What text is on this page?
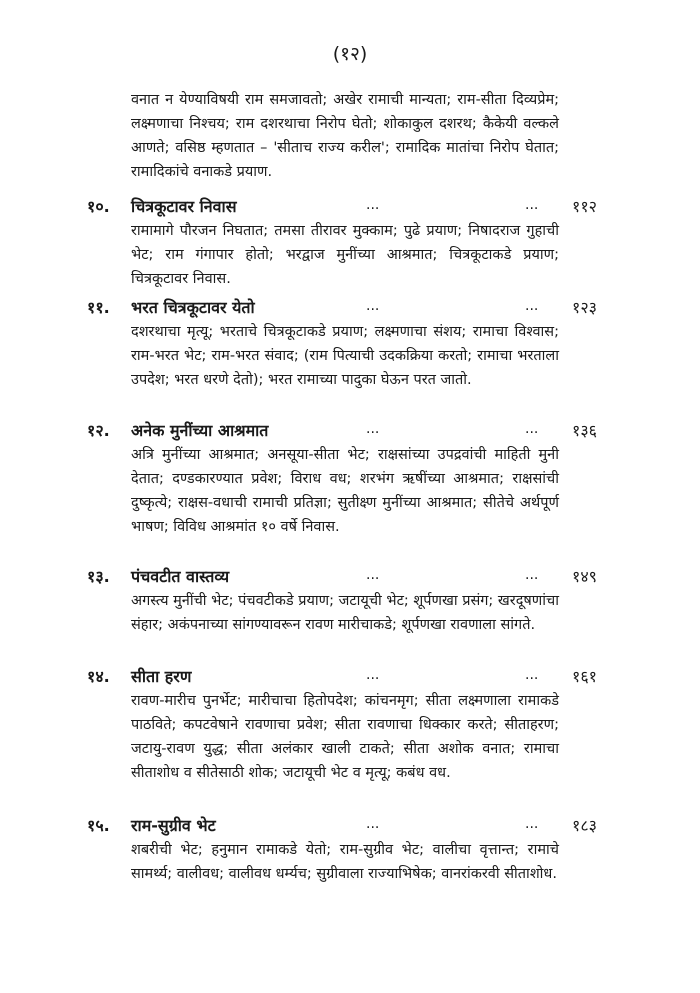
(१२)
वनात न येण्याविषयी राम समजावतो; अखेर रामाची मान्यता; राम-सीता दिव्यप्रेम; लक्ष्मणाचा निश्चय; राम दशरथाचा निरोप घेतो; शोकाकुल दशरथ; कैकेयी वल्कले आणते; वसिष्ठ म्हणतात – 'सीताच राज्य करील'; रामादिक मातांचा निरोप घेतात; रामादिकांचे वनाकडे प्रयाण.
१०. चित्रकूटावर निवास	...	... ११२
रामामागे पौरजन निघतात; तमसा तीरावर मुक्काम; पुढे प्रयाण; निषादराज गुहाची भेट; राम गंगापार होतो; भरद्वाज मुनींच्या आश्रमात; चित्रकूटाकडे प्रयाण; चित्रकूटावर निवास.
११. भरत चित्रकूटावर येतो	...	... १२३
दशरथाचा मृत्यू; भरताचे चित्रकूटाकडे प्रयाण; लक्ष्मणाचा संशय; रामाचा विश्वास; राम-भरत भेट; राम-भरत संवाद; (राम पित्याची उदकक्रिया करतो; रामाचा भरताला उपदेश; भरत धरणे देतो); भरत रामाच्या पादुका घेऊन परत जातो.
१२. अनेक मुनींच्या आश्रमात	...	... १३६
अत्रि मुनींच्या आश्रमात; अनसूया-सीता भेट; राक्षसांच्या उपद्रवांची माहिती मुनी देतात; दण्डकारण्यात प्रवेश; विराध वध; शरभंग ऋषींच्या आश्रमात; राक्षसांची दुष्कृत्ये; राक्षस-वधाची रामाची प्रतिज्ञा; सुतीक्ष्ण मुनींच्या आश्रमात; सीतेचे अर्थपूर्ण भाषण; विविध आश्रमांत १० वर्षे निवास.
१३. पंचवटीत वास्तव्य	...	... १४९
अगस्त्य मुनींची भेट; पंचवटीकडे प्रयाण; जटायूची भेट; शूर्पणखा प्रसंग; खरदूषणांचा संहार; अकंपनाच्या सांगण्यावरून रावण मारीचाकडे; शूर्पणखा रावणाला सांगते.
१४. सीता हरण	...	... १६१
रावण-मारीच पुनर्भेट; मारीचाचा हितोपदेश; कांचनमृग; सीता लक्ष्मणाला रामाकडे पाठविते; कपटवेषाने रावणाचा प्रवेश; सीता रावणाचा धिक्कार करते; सीताहरण; जटायु-रावण युद्ध; सीता अलंकार खाली टाकते; सीता अशोक वनात; रामाचा सीताशोध व सीतेसाठी शोक; जटायूची भेट व मृत्यू; कबंध वध.
१५. राम-सुग्रीव भेट	...	... १८३
शबरीची भेट; हनुमान रामाकडे येतो; राम-सुग्रीव भेट; वालीचा वृत्तान्त; रामाचे सामर्थ्य; वालीवध; वालीवध धर्म्यच; सुग्रीवाला राज्याभिषेक; वानरांकरवी सीताशोध.
